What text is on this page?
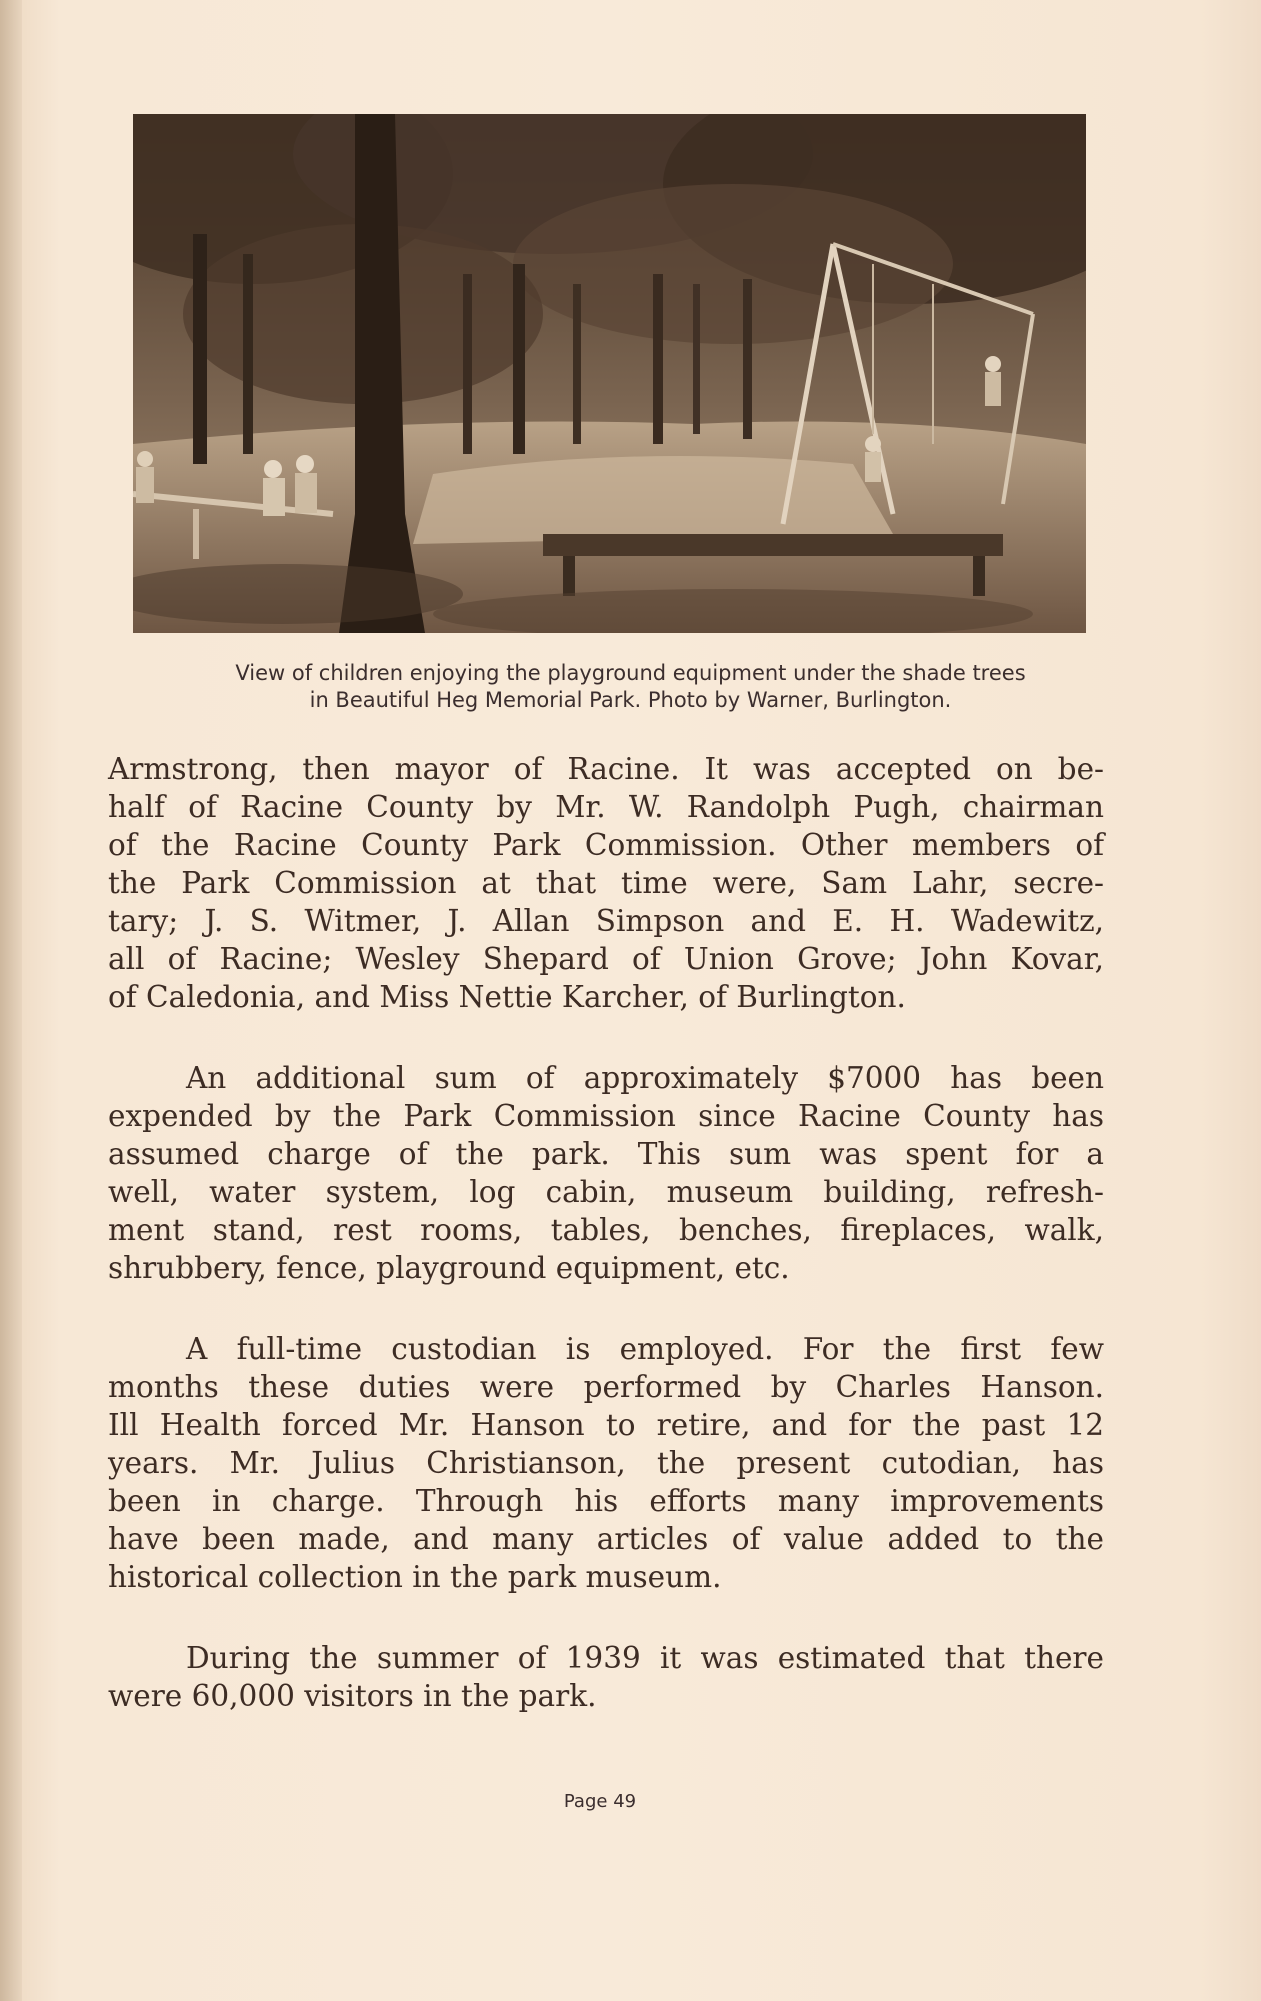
View of children enjoying the playground equipment under the shade trees
in Beautiful Heg Memorial Park. Photo by Warner, Burlington.
Armstrong, then mayor of Racine. It was accepted on be-
half of Racine County by Mr. W. Randolph Pugh, chairman
of the Racine County Park Commission. Other members of
the Park Commission at that time were, Sam Lahr, secre-
tary; J. S. Witmer, J. Allan Simpson and E. H. Wadewitz,
all of Racine; Wesley Shepard of Union Grove; John Kovar,
of Caledonia, and Miss Nettie Karcher, of Burlington.
An additional sum of approximately $7000 has been
expended by the Park Commission since Racine County has
assumed charge of the park. This sum was spent for a
well, water system, log cabin, museum building, refresh-
ment stand, rest rooms, tables, benches, fireplaces, walk,
shrubbery, fence, playground equipment, etc.
A full-time custodian is employed. For the first few
months these duties were performed by Charles Hanson.
Ill Health forced Mr. Hanson to retire, and for the past 12
years. Mr. Julius Christianson, the present cutodian, has
been in charge. Through his efforts many improvements
have been made, and many articles of value added to the
historical collection in the park museum.
During the summer of 1939 it was estimated that there
were 60,000 visitors in the park.
Page 49
